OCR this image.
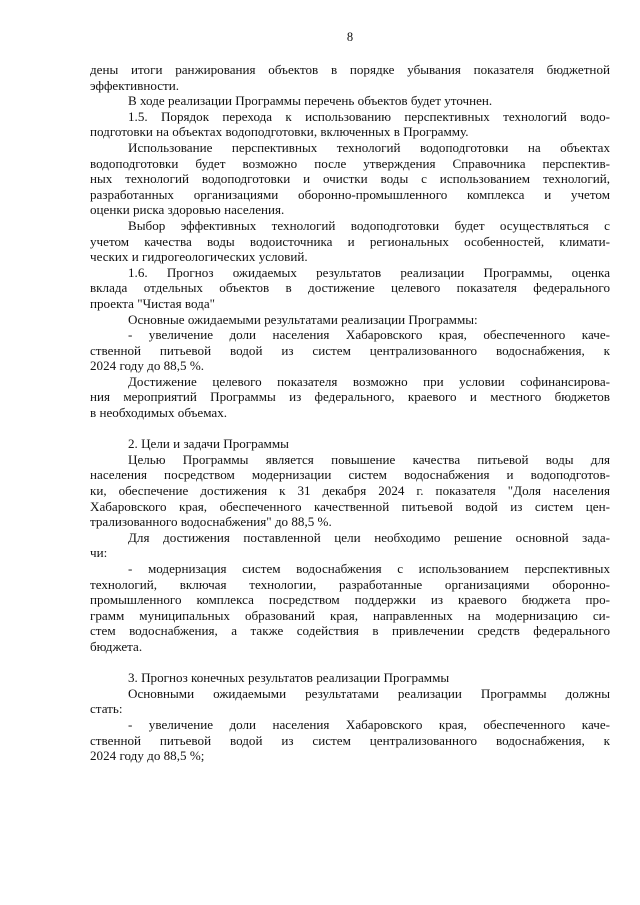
8

дены итоги ранжирования объектов в порядке убывания показателя бюджетной
эффективности.

В ходе реализации Программы перечень объектов будет уточнен.

1.5. Порядок перехода к использованию перспективных технологий водо-
подготовки на объектах водоподготовки, включенных в Программу.

Использование перспективных технологий водоподготовки на объектах
водоподготовки будет возможно после утверждения Справочника перспектив-
ных технологий водоподготовки и очистки воды с использованием технологий,
разработанных организациями оборонно-промышленного комплекса и учетом
оценки риска здоровью населения.

Выбор эффективных технологий водоподготовки будет осуществляться с
учетом качества воды водоисточника и региональных особенностей, климати-
ческих и гидрогеологических условий.

1.6. Прогноз ожидаемых результатов реализации Программы, оценка
вклада отдельных объектов в достижение целевого показателя федерального
проекта "Чистая вода"

Основные ожидаемыми результатами реализации Программы:

- увеличение доли населения Хабаровского края, обеспеченного каче-
ственной питьевой водой из систем централизованного водоснабжения, к
2024 году до 88,5 %.

Достижение целевого показателя возможно при условии софинансирова-
ния мероприятий Программы из федерального, краевого и местного бюджетов
в необходимых объемах.

2. Цели и задачи Программы

Целью Программы является повышение качества питьевой воды для
населения посредством модернизации систем водоснабжения и водоподготов-
ки, обеспечение достижения к 31 декабря 2024 г. показателя "Доля населения
Хабаровского края, обеспеченного качественной питьевой водой из систем цен-
трализованного водоснабжения" до 88,5 %.

Для достижения поставленной цели необходимо решение основной зада-
чи:

- модернизация систем водоснабжения с использованием перспективных
технологий, включая технологии, разработанные организациями оборонно-
промышленного комплекса посредством поддержки из краевого бюджета про-
грамм муниципальных образований края, направленных на модернизацию си-
стем водоснабжения, а также содействия в привлечении средств федерального
бюджета.

3. Прогноз конечных результатов реализации Программы

Основными ожидаемыми результатами реализации Программы должны
стать:

- увеличение доли населения Хабаровского края, обеспеченного каче-
ственной питьевой водой из систем централизованного водоснабжения, к
2024 году до 88,5 %;
